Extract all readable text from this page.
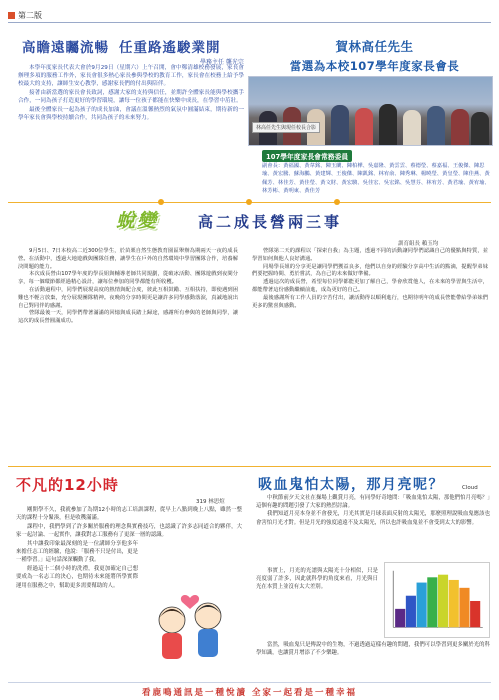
第二版
高瞻遠矚流暢 任重路遙駿業開
學務主任 龔光宗

本學年度家長代表大會於9月29日（星期六）上午召開，會中鄭清雄校務發展，家長會辦理多項的服務工作外，家長會很多熱心家長參與學校的教育工作，家長會在校務上給予學校最大的支持，讓師生安心教學，感謝家長們的付出與陪伴。

接著由新當選的家長會長致詞，感謝大家的支持與信任，並期許全體家長能與學校攜手合作，一同為孩子打造更好的學習環境，讓每一位孩子都能在快樂中成長，在學習中茁壯。

最後全體家長一起為孩子的成長加油，會議在溫馨熱烈的氣氛中圓滿結束，期待新的一學年家長會與學校持續合作，共同為孩子的未來努力。

賀林高任先生
當選為本校107學年度家長會長
林高任先生與現任校長合影
107學年度家長會常務委員
副會長：黃福國、黃韋銘、陳玉蘭、陳柏樺、吳嘉隆、黃雲雲、蔡德瑩、蔡嘉福、王俊傑、陳思瑜、黃宏騰、蘇海鵬、黃建輝、王俊傑、陳凱銘、林宥俞、陳秀琳、楊曉瑩、黃皇瑩、陳佳燕、黃佩芳、林佳芳、黃佳瑩、黃文財、黃宏駿、吳佳宏、吳宏銘、吳慧芬、林宥芳、黃君瑜、黃宥瑜、林芳彬、黃明東、黃佳芳
蛻變	高二成長營兩三事
訓育組長 賴玉均

9月5日、7日本校高二近300位學生，於苗栗自然生態教育園區舉辦為期兩天一夜的成長營。在活動中，透過大地遊戲與團隊任務，讓學生在戶外的自然環境中學習團隊合作，培養解決問題的能力。

本次成長營由107學年度的學長姐與輔導老師共同規劃，從破冰活動、團隊遊戲到夜間分享，每一個環節都經過精心設計，讓每位參加的同學都能有所收穫。

在活動過程中，同學們展現高度的熱情與配合度，彼此互相鼓勵、互相扶持，即使遇到困難也不輕言放棄，充分展現團隊精神。夜晚的分享時間更是讓許多同學感動落淚，真誠地說出自己對同伴的感謝。

營隊最後一天，同學們帶著滿滿的回憶與成長踏上歸途，感謝所有參與的老師與同學，讓這次的成長營圓滿成功。

營隊第二天的課程以「探索自我」為主題，透過不同的活動讓同學們認識自己的優點與特質，並學習如何與他人良好溝通。

同場學長姐的分享更是讓同學們獲益良多，他們以自身的經驗分享高中生活的點滴，提醒學弟妹們要把握時間、勇於嘗試，為自己的未來做好準備。

透過這次的成長營，希望每位同學都能更加了解自己，學會欣賞他人，在未來的學習與生活中，都能帶著這份感動繼續前進，成為更好的自己。

最後感謝所有工作人員的辛苦付出，讓活動得以順利進行，也期待明年的成長營能帶給學弟妹們更多的驚喜與感動。

不凡的12小時
319 林思煊

剛開學不久，我就參加了為期12小時的志工培訓課程，從早上八點到晚上八點，雖然一整天的課程十分緊湊，但是收穫滿滿。

課程中，我們學到了許多關於服務的理念與實務技巧，也認識了許多志同道合的夥伴，大家一起討論、一起實作，讓我對志工服務有了更深一層的認識。

其中讓我印象最深刻的是一位講師分享他多年來擔任志工的經驗，他說：「服務不只是付出，更是一種學習。」這句話深深觸動了我。

經過這十二個小時的洗禮，我更加確定自己想要成為一名志工的決心，也期待未來能將所學實際運用在服務之中，幫助更多需要幫助的人。

吸血鬼怕太陽，那月亮呢？	Cloud

中秋節前夕天文社在操場上觀賞月亮，有同學好奇地問：「吸血鬼怕太陽，那他們怕月亮嗎？」這個有趣的問題引發了大家的熱烈討論。

我們知道月亮本身並不會發光，月光其實是月球表面反射的太陽光，那麼照理說吸血鬼應該也會害怕月光才對。但是月光的強度遠遠不及太陽光，所以也許吸血鬼並不會受到太大的影響。

事實上，月光的光譜與太陽光十分相似，只是亮度弱了許多，因此就科學的角度來看，月光與日光在本質上並沒有太大差別。

當然，吸血鬼只是傳說中的生物，不過透過這樣有趣的問題，我們可以學習到更多關於光的科學知識，也讓賞月增添了不少樂趣。

看鹿鳴通訊是一種悅讀 全家一起看是一種幸福
